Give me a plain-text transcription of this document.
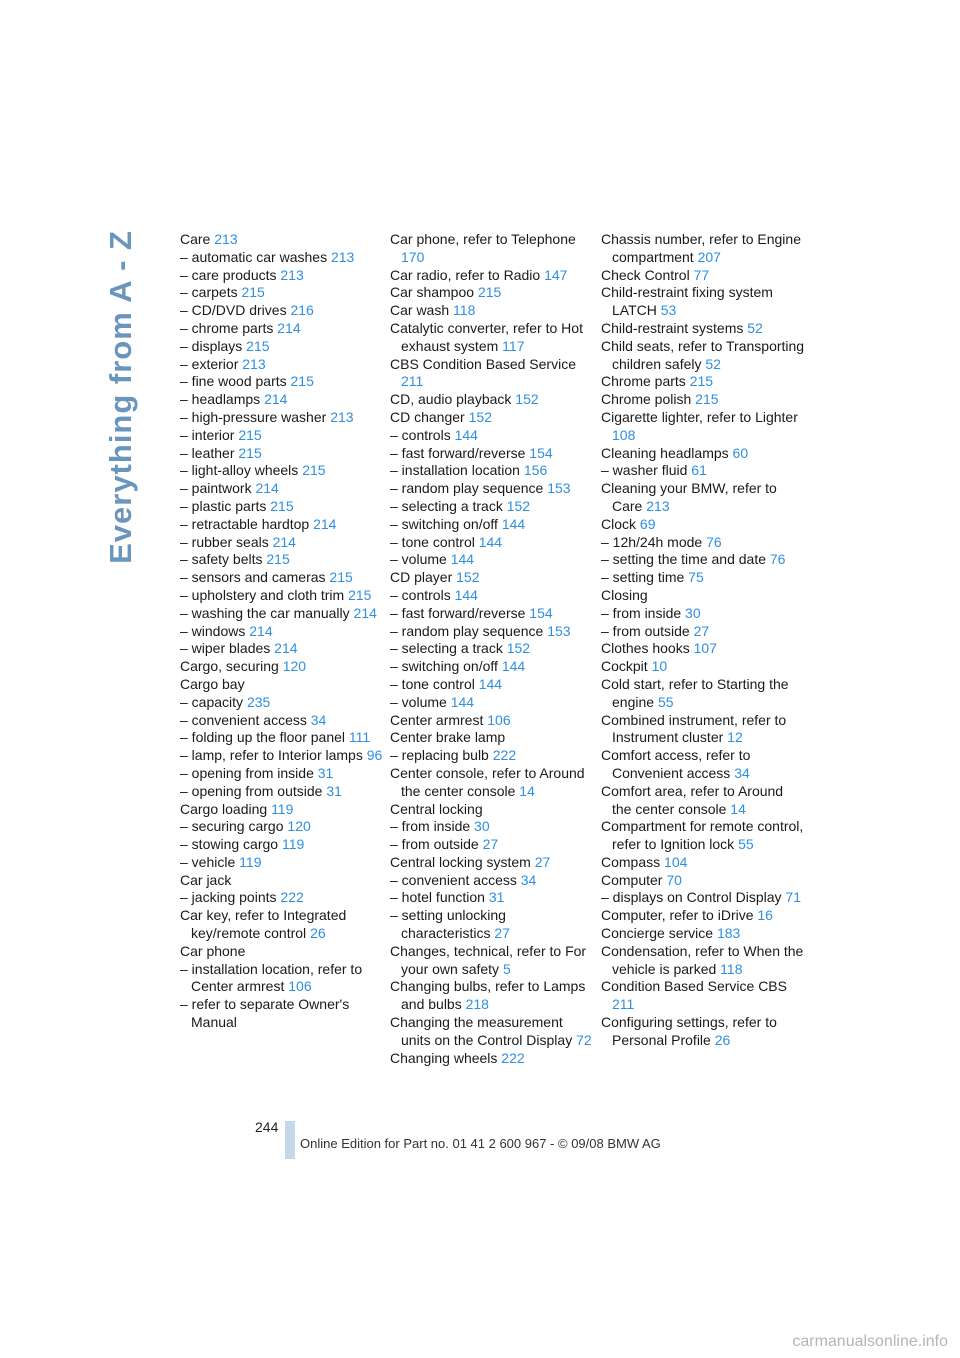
Everything from A - Z	Care 213
– automatic car washes 213
– care products 213
– carpets 215
– CD/DVD drives 216
– chrome parts 214
– displays 215
– exterior 213
– fine wood parts 215
– headlamps 214
– high-pressure washer 213
– interior 215
– leather 215
– light-alloy wheels 215
– paintwork 214
– plastic parts 215
– retractable hardtop 214
– rubber seals 214
– safety belts 215
– sensors and cameras 215
– upholstery and cloth trim 215
– washing the car manually 214
– windows 214
– wiper blades 214
Cargo, securing 120
Cargo bay
– capacity 235
– convenient access 34
– folding up the floor panel 111
– lamp, refer to Interior lamps 96
– opening from inside 31
– opening from outside 31
Cargo loading 119
– securing cargo 120
– stowing cargo 119
– vehicle 119
Car jack
– jacking points 222
Car key, refer to Integrated key/remote control 26
Car phone
– installation location, refer to Center armrest 106
– refer to separate Owner's Manual
Car phone, refer to Telephone 170
Car radio, refer to Radio 147
Car shampoo 215
Car wash 118
Catalytic converter, refer to Hot exhaust system 117
CBS Condition Based Service 211
CD, audio playback 152
CD changer 152
– controls 144
– fast forward/reverse 154
– installation location 156
– random play sequence 153
– selecting a track 152
– switching on/off 144
– tone control 144
– volume 144
CD player 152
– controls 144
– fast forward/reverse 154
– random play sequence 153
– selecting a track 152
– switching on/off 144
– tone control 144
– volume 144
Center armrest 106
Center brake lamp
– replacing bulb 222
Center console, refer to Around the center console 14
Central locking
– from inside 30
– from outside 27
Central locking system 27
– convenient access 34
– hotel function 31
– setting unlocking characteristics 27
Changes, technical, refer to For your own safety 5
Changing bulbs, refer to Lamps and bulbs 218
Changing the measurement units on the Control Display 72
Changing wheels 222
Chassis number, refer to Engine compartment 207
Check Control 77
Child-restraint fixing system LATCH 53
Child-restraint systems 52
Child seats, refer to Transporting children safely 52
Chrome parts 215
Chrome polish 215
Cigarette lighter, refer to Lighter 108
Cleaning headlamps 60
– washer fluid 61
Cleaning your BMW, refer to Care 213
Clock 69
– 12h/24h mode 76
– setting the time and date 76
– setting time 75
Closing
– from inside 30
– from outside 27
Clothes hooks 107
Cockpit 10
Cold start, refer to Starting the engine 55
Combined instrument, refer to Instrument cluster 12
Comfort access, refer to Convenient access 34
Comfort area, refer to Around the center console 14
Compartment for remote control, refer to Ignition lock 55
Compass 104
Computer 70
– displays on Control Display 71
Computer, refer to iDrive 16
Concierge service 183
Condensation, refer to When the vehicle is parked 118
Condition Based Service CBS 211
Configuring settings, refer to Personal Profile 26
244
Online Edition for Part no. 01 41 2 600 967 - © 09/08 BMW AG
carmanualsonline.info
